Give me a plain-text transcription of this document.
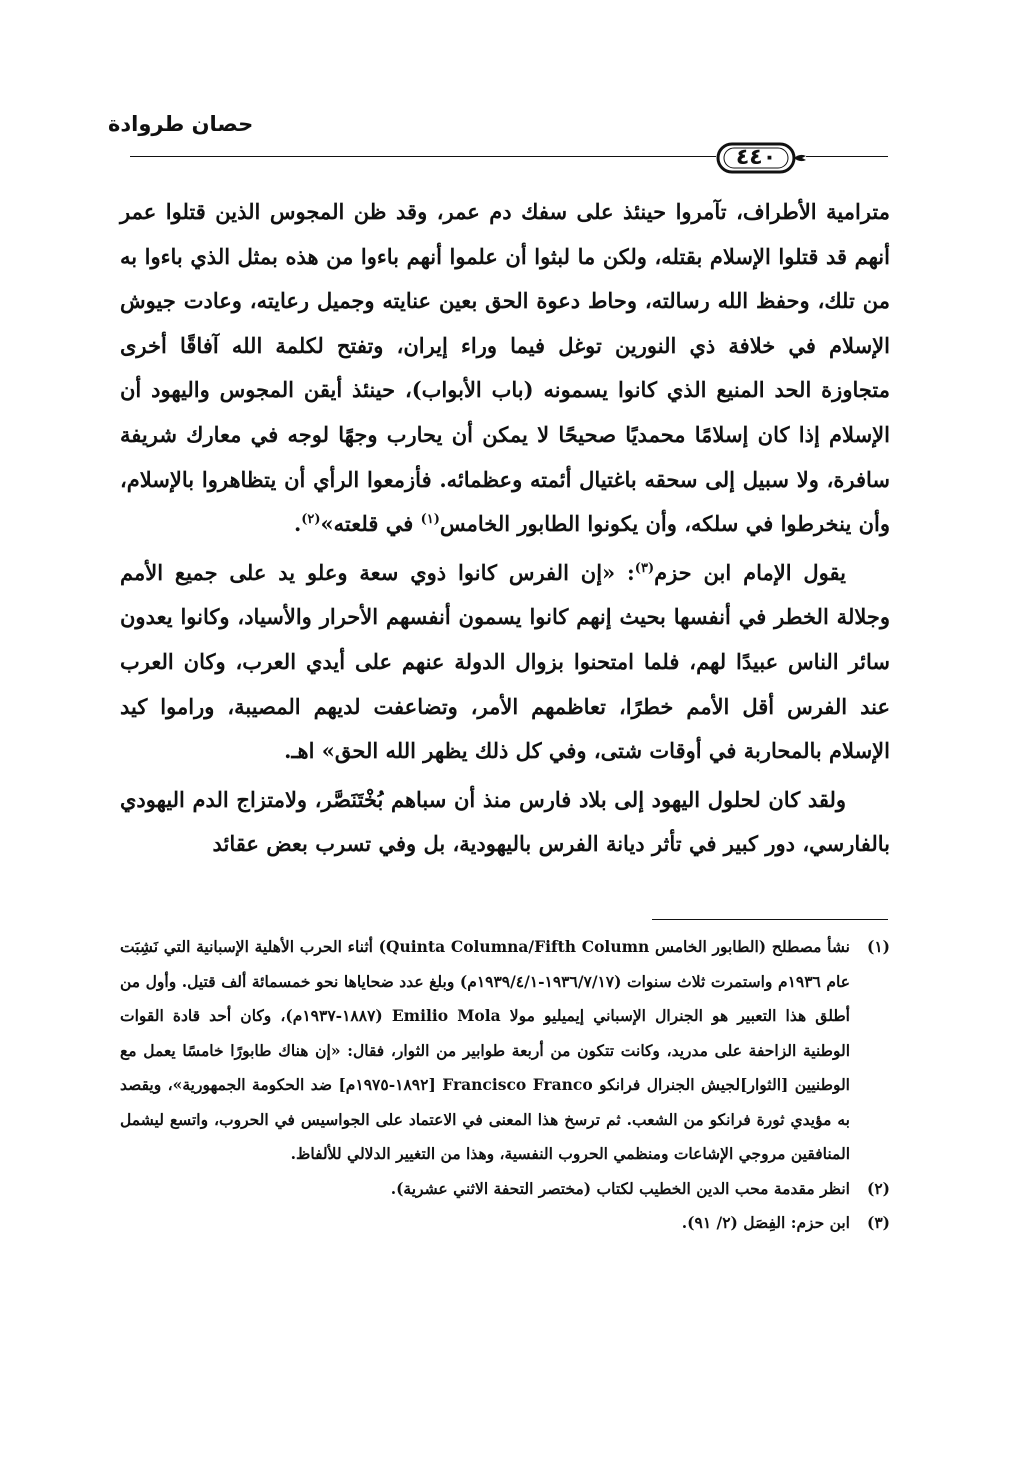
حصان طروادة
٤٤٠

مترامية الأطراف، تآمروا حينئذ على سفك دم عمر، وقد ظن المجوس الذين قتلوا عمر أنهم قد قتلوا الإسلام بقتله، ولكن ما لبثوا أن علموا أنهم باءوا من هذه بمثل الذي باءوا به من تلك، وحفظ الله رسالته، وحاط دعوة الحق بعين عنايته وجميل رعايته، وعادت جيوش الإسلام في خلافة ذي النورين توغل فيما وراء إيران، وتفتح لكلمة الله آفاقًا أخرى متجاوزة الحد المنيع الذي كانوا يسمونه (باب الأبواب)، حينئذ أيقن المجوس واليهود أن الإسلام إذا كان إسلامًا محمديًا صحيحًا لا يمكن أن يحارب وجهًا لوجه في معارك شريفة سافرة، ولا سبيل إلى سحقه باغتيال أئمته وعظمائه. فأزمعوا الرأي أن يتظاهروا بالإسلام، وأن ينخرطوا في سلكه، وأن يكونوا الطابور الخامس$^{(١)}$ في قلعته»$^{(٢)}$.

يقول الإمام ابن حزم$^{(٣)}$: «إن الفرس كانوا ذوي سعة وعلو يد على جميع الأمم وجلالة الخطر في أنفسها بحيث إنهم كانوا يسمون أنفسهم الأحرار والأسياد، وكانوا يعدون سائر الناس عبيدًا لهم، فلما امتحنوا بزوال الدولة عنهم على أيدي العرب، وكان العرب عند الفرس أقل الأمم خطرًا، تعاظمهم الأمر، وتضاعفت لديهم المصيبة، وراموا كيد الإسلام بالمحاربة في أوقات شتى، وفي كل ذلك يظهر الله الحق» اهـ.

ولقد كان لحلول اليهود إلى بلاد فارس منذ أن سباهم بُخْتَنَصَّر، ولامتزاج الدم اليهودي بالفارسي، دور كبير في تأثر ديانة الفرس باليهودية، بل وفي تسرب بعض عقائد

(١)
نشأ مصطلح (الطابور الخامس Quinta Columna/Fifth Column) أثناء الحرب الأهلية الإسبانية التي نَشِبَت عام ١٩٣٦م واستمرت ثلاث سنوات (١٩٣٦/٧/١٧-١٩٣٩/٤/١م) وبلغ عدد ضحاياها نحو خمسمائة ألف قتيل. وأول من أطلق هذا التعبير هو الجنرال الإسباني إيميليو مولا Emilio Mola (١٨٨٧-١٩٣٧م)، وكان أحد قادة القوات الوطنية الزاحفة على مدريد، وكانت تتكون من أربعة طوابير من الثوار، فقال: «إن هناك طابورًا خامسًا يعمل مع الوطنيين [الثوار]لجيش الجنرال فرانكو Francisco Franco [١٨٩٢-١٩٧٥م] ضد الحكومة الجمهورية»، ويقصد به مؤيدي ثورة فرانكو من الشعب. ثم ترسخ هذا المعنى في الاعتماد على الجواسيس في الحروب، واتسع ليشمل المنافقين مروجي الإشاعات ومنظمي الحروب النفسية، وهذا من التغيير الدلالي للألفاظ.
(٢)
انظر مقدمة محب الدين الخطيب لكتاب (مختصر التحفة الاثني عشرية).
(٣)
ابن حزم: الفِصَل (٢/ ٩١).
